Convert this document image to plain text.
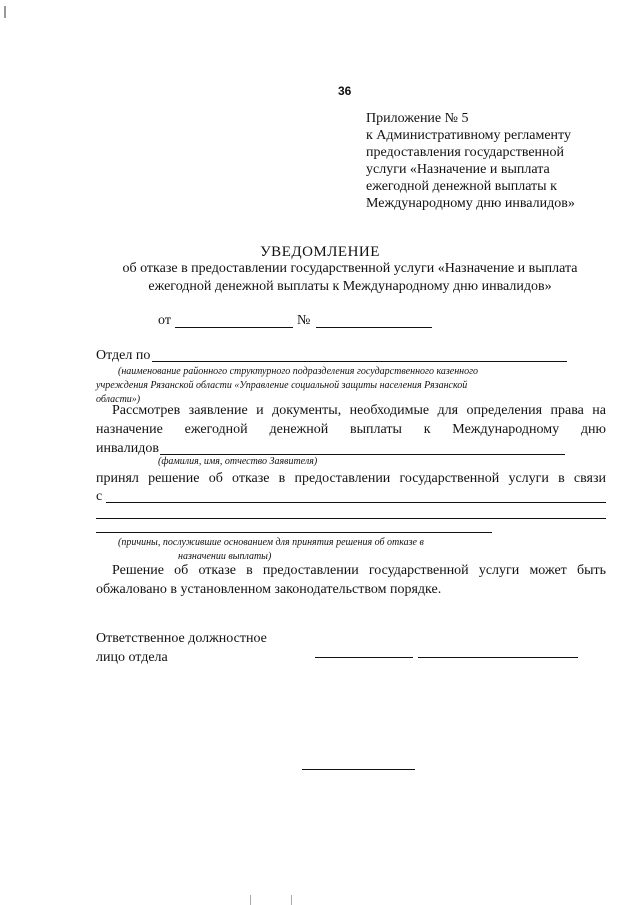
36
Приложение № 5
к Административному регламенту
предоставления государственной
услуги «Назначение и выплата
ежегодной денежной выплаты к
Международному дню инвалидов»
УВЕДОМЛЕНИЕ
об отказе в предоставлении государственной услуги «Назначение и выплата
ежегодной денежной выплаты к Международному дню инвалидов»
от	№
Отдел по
(наименование районного структурного подразделения государственного казенного
учреждения Рязанской области «Управление социальной защиты населения Рязанской
области»)
Рассмотрев заявление и документы, необходимые для определения права на
назначение ежегодной денежной выплаты к Международному дню
инвалидов
(фамилия, имя, отчество Заявителя)
принял решение об отказе в предоставлении государственной услуги в связи
с
(причины, послужившие основанием для принятия решения об отказе в
назначении выплаты)
Решение об отказе в предоставлении государственной услуги может быть
обжаловано в установленном законодательством порядке.
Ответственное должностное
лицо отдела
